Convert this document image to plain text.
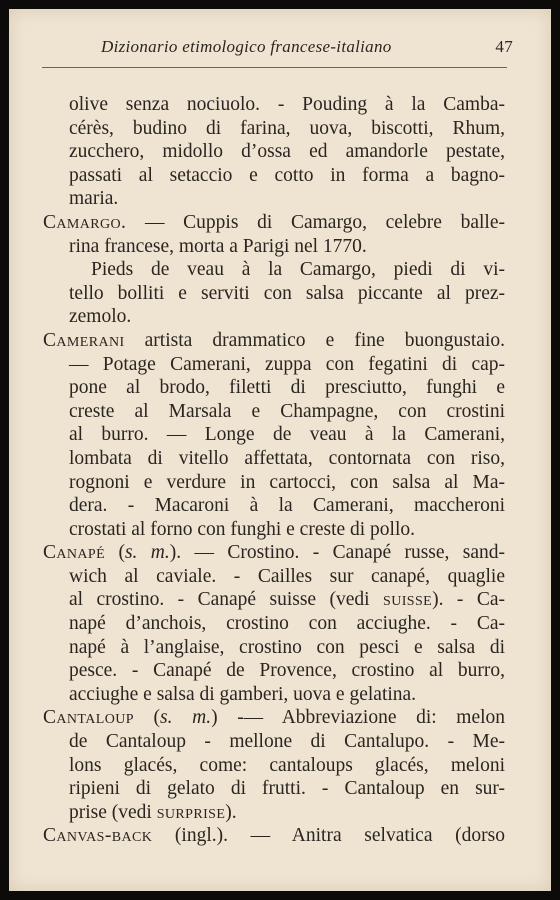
Dizionario etimologico francese-italiano	47
olive senza nociuolo. - Pouding à la Camba-
cérès, budino di farina, uova, biscotti, Rhum,
zucchero, midollo d’ossa ed amandorle pestate,
passati al setaccio e cotto in forma a bagno-
maria.
Camargo. — Cuppis di Camargo, celebre balle-
rina francese, morta a Parigi nel 1770.
Pieds de veau à la Camargo, piedi di vi-
tello bolliti e serviti con salsa piccante al prez-
zemolo.
Camerani artista drammatico e fine buongustaio.
— Potage Camerani, zuppa con fegatini di cap-
pone al brodo, filetti di presciutto, funghi e
creste al Marsala e Champagne, con crostini
al burro. — Longe de veau à la Camerani,
lombata di vitello affettata, contornata con riso,
rognoni e verdure in cartocci, con salsa al Ma-
dera. - Macaroni à la Camerani, maccheroni
crostati al forno con funghi e creste di pollo.
Canapé (s. m.). — Crostino. - Canapé russe, sand-
wich al caviale. - Cailles sur canapé, quaglie
al crostino. - Canapé suisse (vedi suisse). - Ca-
napé d’anchois, crostino con acciughe. - Ca-
napé à l’anglaise, crostino con pesci e salsa di
pesce. - Canapé de Provence, crostino al burro,
acciughe e salsa di gamberi, uova e gelatina.
Cantaloup (s. m.) -— Abbreviazione di: melon
de Cantaloup - mellone di Cantalupo. - Me-
lons glacés, come: cantaloups glacés, meloni
ripieni di gelato di frutti. - Cantaloup en sur-
prise (vedi surprise).
Canvas-back (ingl.). — Anitra selvatica (dorso
